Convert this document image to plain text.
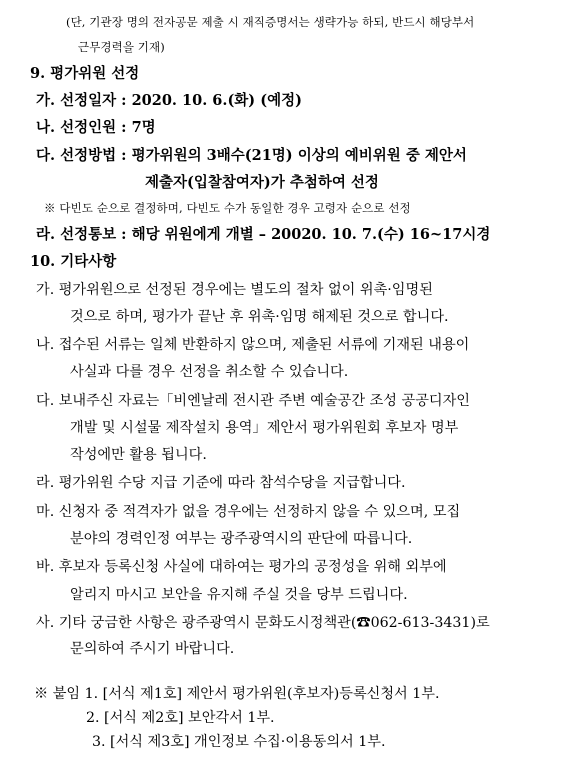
(단, 기관장 명의 전자공문 제출 시 재직증명서는 생략가능 하되, 반드시 해당부서
근무경력을 기재)
9. 평가위원 선정
가. 선정일자 : 2020. 10. 6.(화) (예정)
나. 선정인원 : 7명
다. 선정방법 : 평가위원의 3배수(21명) 이상의 예비위원 중 제안서
제출자(입찰참여자)가 추첨하여 선정
※ 다빈도 순으로 결정하며, 다빈도 수가 동일한 경우 고령자 순으로 선정
라. 선정통보 : 해당 위원에게 개별 – 20020. 10. 7.(수) 16~17시경
10. 기타사항
가. 평가위원으로 선정된 경우에는 별도의 절차 없이 위촉·임명된
것으로 하며, 평가가 끝난 후 위촉·임명 해제된 것으로 합니다.
나. 접수된 서류는 일체 반환하지 않으며, 제출된 서류에 기재된 내용이
사실과 다를 경우 선정을 취소할 수 있습니다.
다. 보내주신 자료는「비엔날레 전시관 주변 예술공간 조성 공공디자인
개발 및 시설물 제작설치 용역」제안서 평가위원회 후보자 명부
작성에만 활용 됩니다.
라. 평가위원 수당 지급 기준에 따라 참석수당을 지급합니다.
마. 신청자 중 적격자가 없을 경우에는 선정하지 않을 수 있으며, 모집
분야의 경력인정 여부는 광주광역시의 판단에 따릅니다.
바. 후보자 등록신청 사실에 대하여는 평가의 공정성을 위해 외부에
알리지 마시고 보안을 유지해 주실 것을 당부 드립니다.
사. 기타 궁금한 사항은 광주광역시 문화도시정책관(☎062-613-3431)로
문의하여 주시기 바랍니다.
※ 붙임 1. [서식 제1호] 제안서 평가위원(후보자)등록신청서 1부.
2. [서식 제2호] 보안각서 1부.
3. [서식 제3호] 개인정보 수집·이용동의서 1부.
